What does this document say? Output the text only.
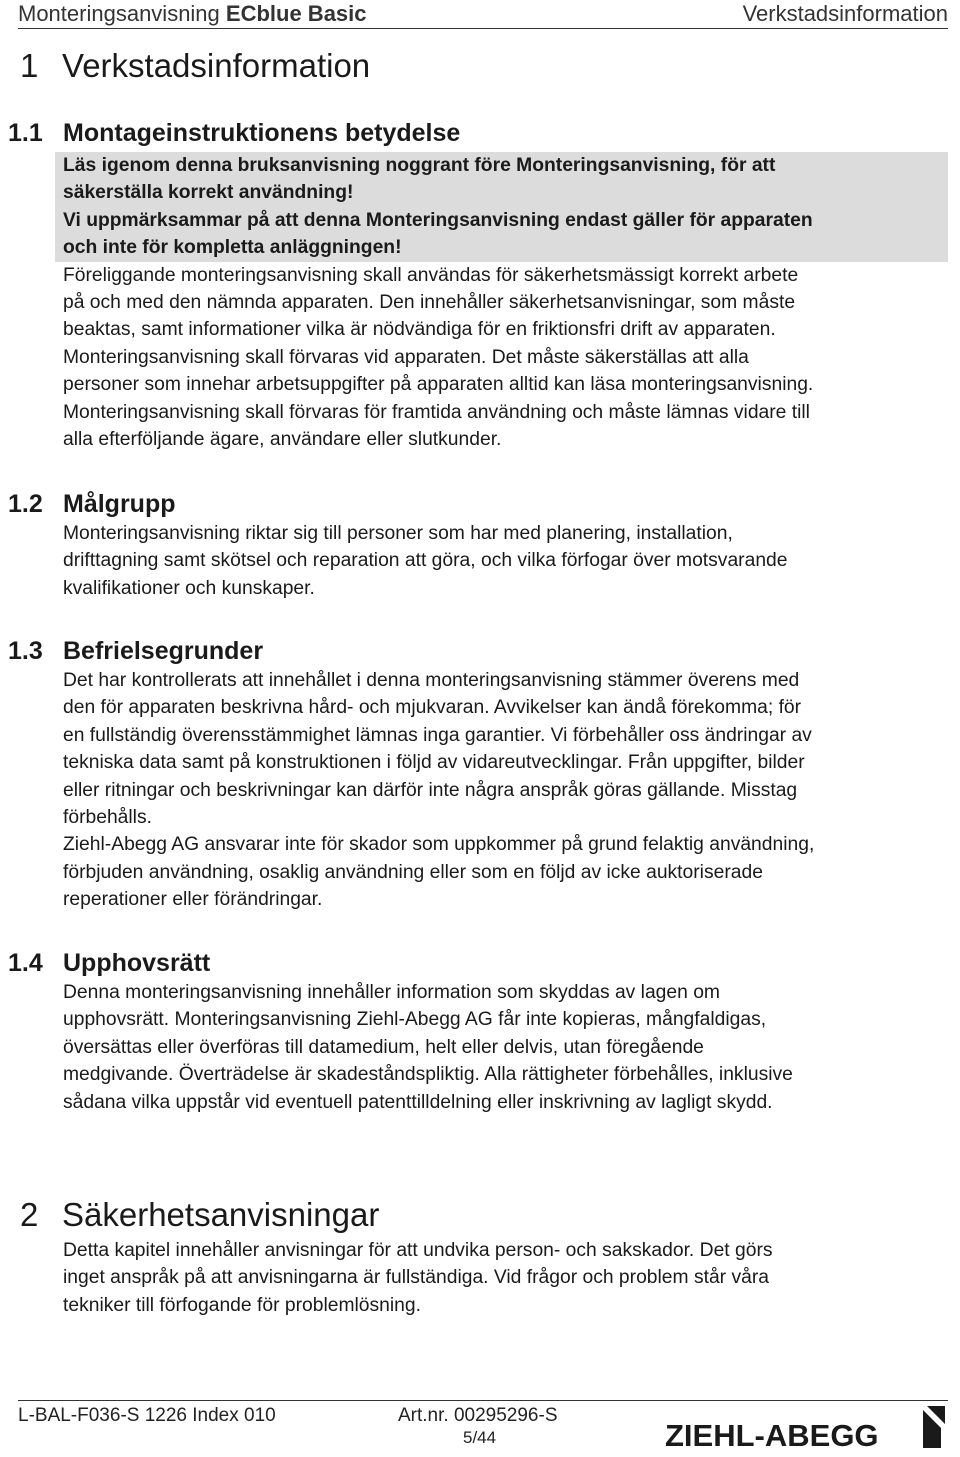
Monteringsanvisning ECblue Basic	Verkstadsinformation
1 Verkstadsinformation
1.1 Montageinstruktionens betydelse
Läs igenom denna bruksanvisning noggrant före Monteringsanvisning, för att
säkerställa korrekt användning!
Vi uppmärksammar på att denna Monteringsanvisning endast gäller för apparaten
och inte för kompletta anläggningen!
Föreliggande monteringsanvisning skall användas för säkerhetsmässigt korrekt arbete
på och med den nämnda apparaten. Den innehåller säkerhetsanvisningar, som måste
beaktas, samt informationer vilka är nödvändiga för en friktionsfri drift av apparaten.
Monteringsanvisning skall förvaras vid apparaten. Det måste säkerställas att alla
personer som innehar arbetsuppgifter på apparaten alltid kan läsa monteringsanvisning.
Monteringsanvisning skall förvaras för framtida användning och måste lämnas vidare till
alla efterföljande ägare, användare eller slutkunder.
1.2 Målgrupp
Monteringsanvisning riktar sig till personer som har med planering, installation,
drifttagning samt skötsel och reparation att göra, och vilka förfogar över motsvarande
kvalifikationer och kunskaper.
1.3 Befrielsegrunder
Det har kontrollerats att innehållet i denna monteringsanvisning stämmer överens med
den för apparaten beskrivna hård- och mjukvaran. Avvikelser kan ändå förekomma; för
en fullständig överensstämmighet lämnas inga garantier. Vi förbehåller oss ändringar av
tekniska data samt på konstruktionen i följd av vidareutvecklingar. Från uppgifter, bilder
eller ritningar och beskrivningar kan därför inte några anspråk göras gällande. Misstag
förbehålls.
Ziehl-Abegg AG ansvarar inte för skador som uppkommer på grund felaktig användning,
förbjuden användning, osaklig användning eller som en följd av icke auktoriserade
reperationer eller förändringar.
1.4 Upphovsrätt
Denna monteringsanvisning innehåller information som skyddas av lagen om
upphovsrätt. Monteringsanvisning Ziehl-Abegg AG får inte kopieras, mångfaldigas,
översättas eller överföras till datamedium, helt eller delvis, utan föregående
medgivande. Överträdelse är skadeståndspliktig. Alla rättigheter förbehålles, inklusive
sådana vilka uppstår vid eventuell patenttilldelning eller inskrivning av lagligt skydd.
2 Säkerhetsanvisningar
Detta kapitel innehåller anvisningar för att undvika person- och sakskador. Det görs
inget anspråk på att anvisningarna är fullständiga. Vid frågor och problem står våra
tekniker till förfogande för problemlösning.
L-BAL-F036-S 1226 Index 010	Art.nr. 00295296-S
5/44	ZIEHL-ABEGG
